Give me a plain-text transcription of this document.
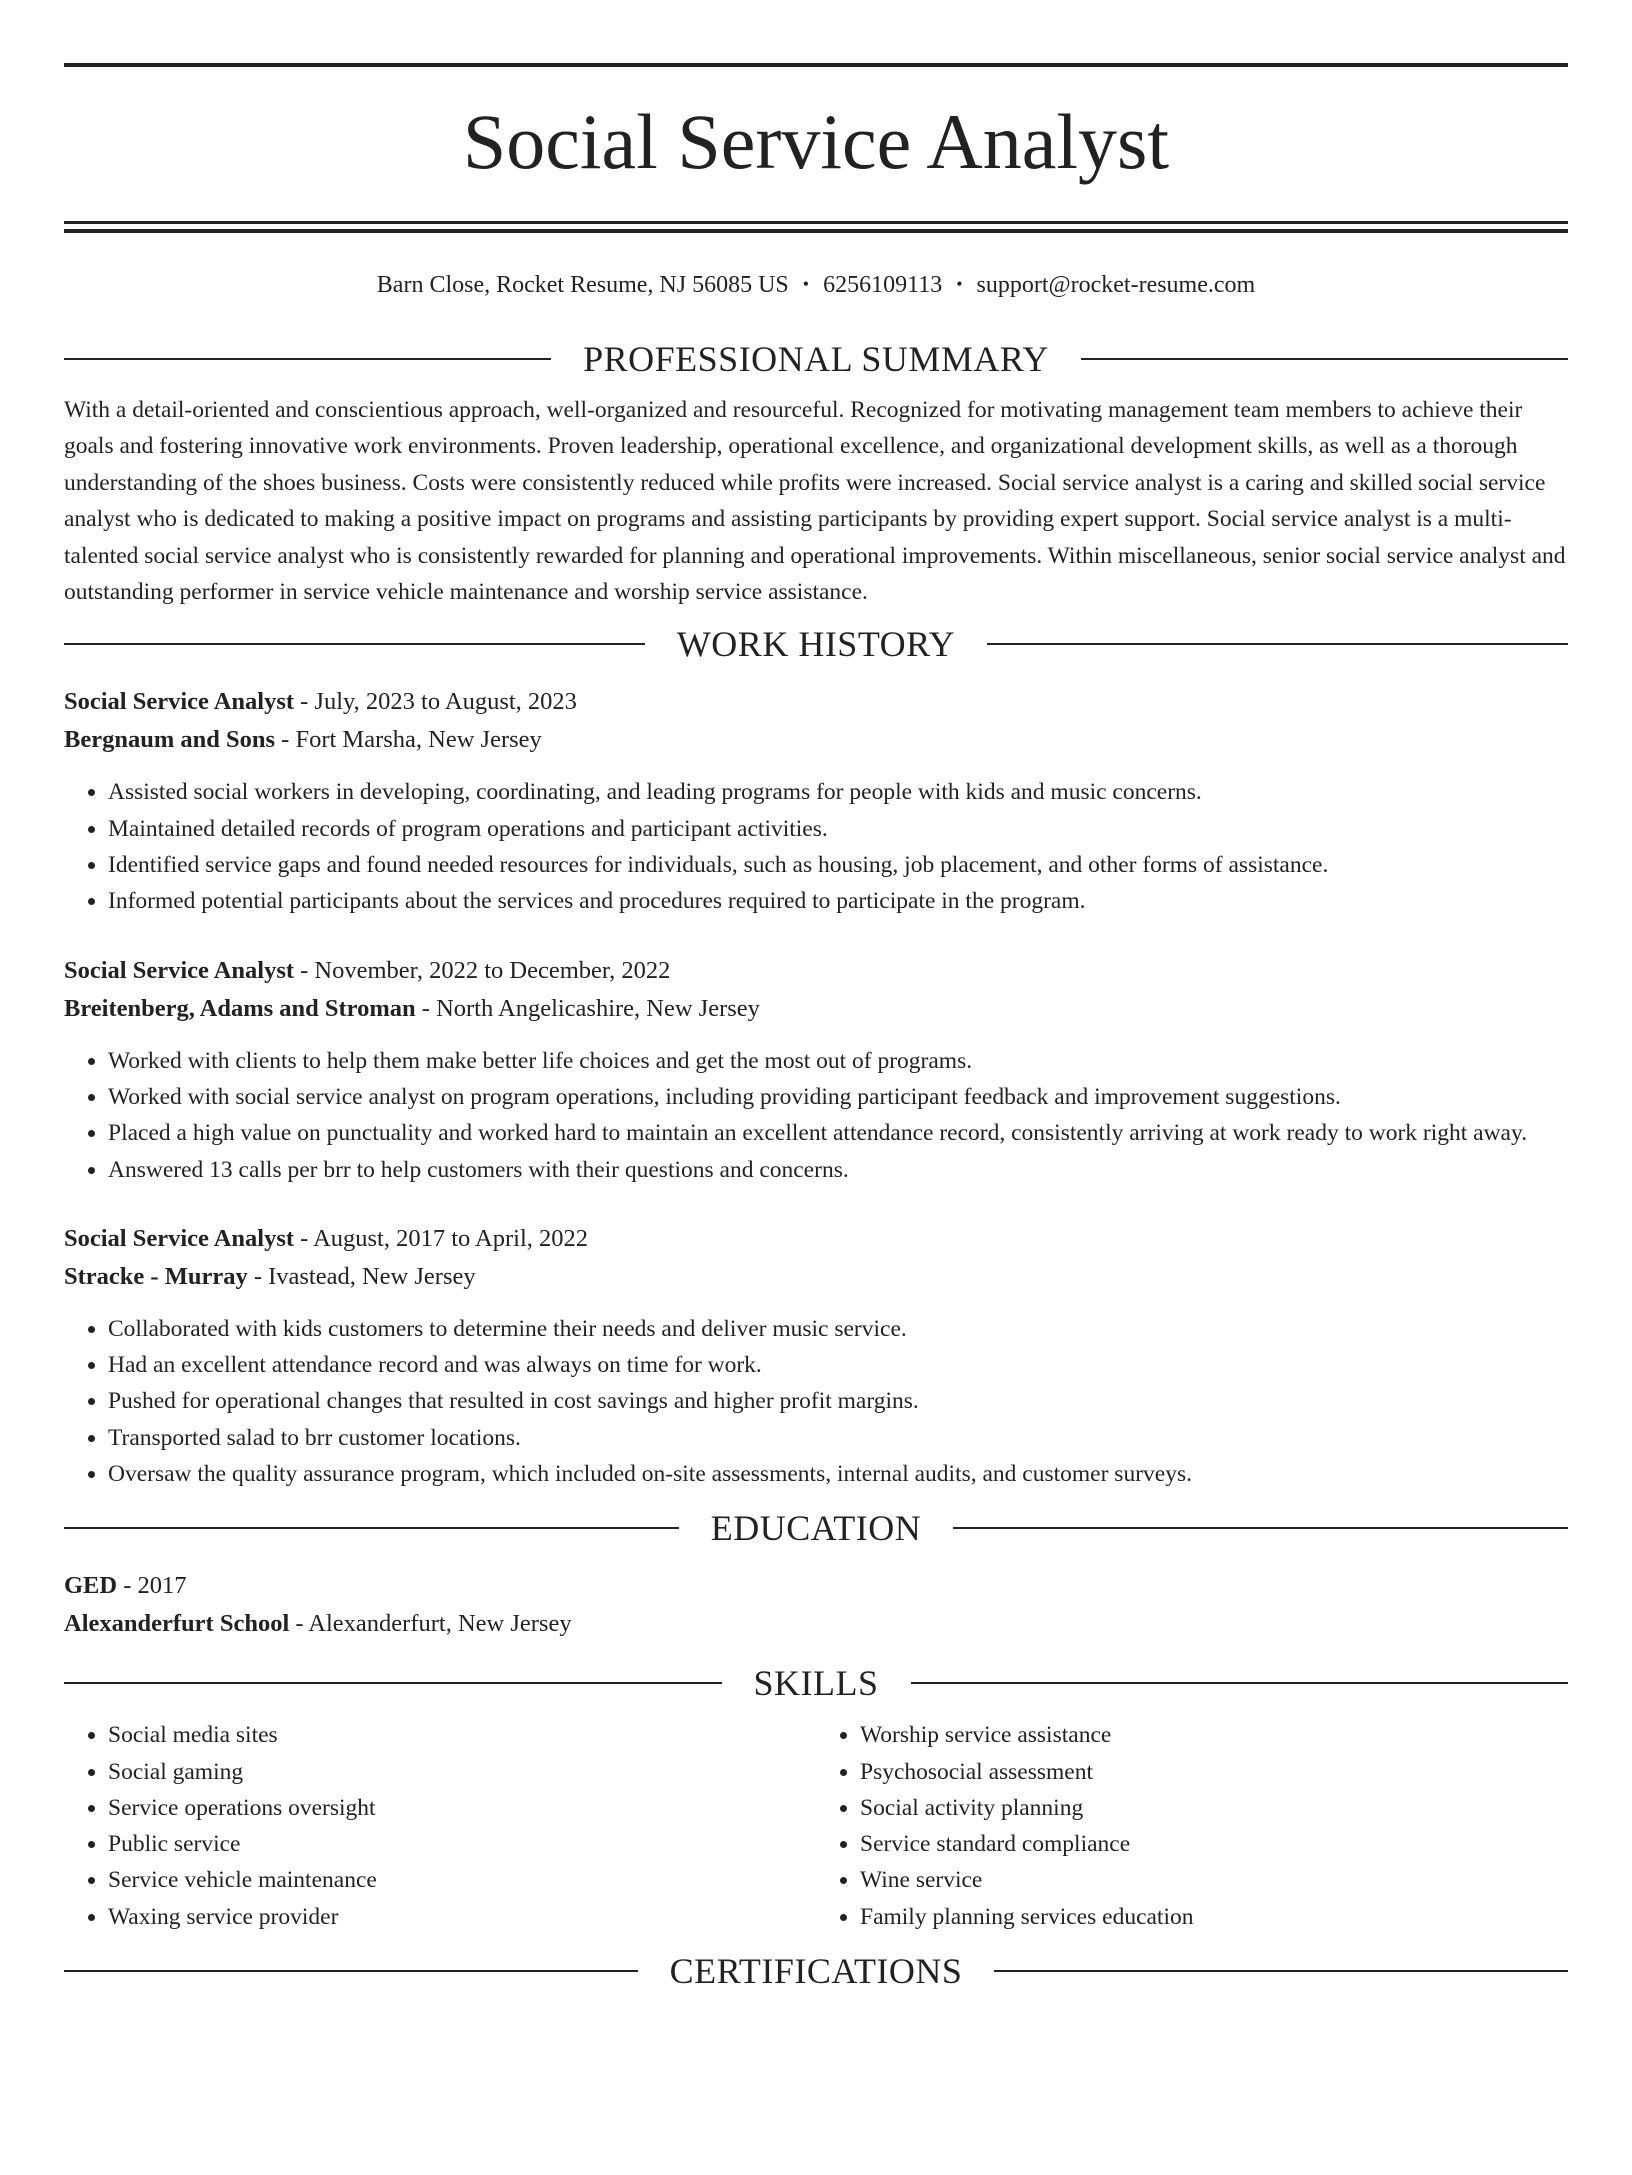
Social Service Analyst
Barn Close, Rocket Resume, NJ 56085 US • 6256109113 • support@rocket-resume.com
PROFESSIONAL SUMMARY

With a detail-oriented and conscientious approach, well-organized and resourceful. Recognized for motivating management team members to achieve their goals and fostering innovative work environments. Proven leadership, operational excellence, and organizational development skills, as well as a thorough understanding of the shoes business. Costs were consistently reduced while profits were increased. Social service analyst is a caring and skilled social service analyst who is dedicated to making a positive impact on programs and assisting participants by providing expert support. Social service analyst is a multi-talented social service analyst who is consistently rewarded for planning and operational improvements. Within miscellaneous, senior social service analyst and outstanding performer in service vehicle maintenance and worship service assistance.

WORK HISTORY

Social Service Analyst - July, 2023 to August, 2023

Bergnaum and Sons - Fort Marsha, New Jersey

• Assisted social workers in developing, coordinating, and leading programs for people with kids and music concerns.
• Maintained detailed records of program operations and participant activities.
• Identified service gaps and found needed resources for individuals, such as housing, job placement, and other forms of assistance.
• Informed potential participants about the services and procedures required to participate in the program.

Social Service Analyst - November, 2022 to December, 2022

Breitenberg, Adams and Stroman - North Angelicashire, New Jersey

• Worked with clients to help them make better life choices and get the most out of programs.
• Worked with social service analyst on program operations, including providing participant feedback and improvement suggestions.
• Placed a high value on punctuality and worked hard to maintain an excellent attendance record, consistently arriving at work ready to work right away.
• Answered 13 calls per brr to help customers with their questions and concerns.

Social Service Analyst - August, 2017 to April, 2022

Stracke - Murray - Ivastead, New Jersey

• Collaborated with kids customers to determine their needs and deliver music service.
• Had an excellent attendance record and was always on time for work.
• Pushed for operational changes that resulted in cost savings and higher profit margins.
• Transported salad to brr customer locations.
• Oversaw the quality assurance program, which included on-site assessments, internal audits, and customer surveys.
EDUCATION

GED - 2017

Alexanderfurt School - Alexanderfurt, New Jersey

SKILLS
• Social media sites
• Social gaming
• Service operations oversight
• Public service
• Service vehicle maintenance
• Waxing service provider
• Worship service assistance
• Psychosocial assessment
• Social activity planning
• Service standard compliance
• Wine service
• Family planning services education
CERTIFICATIONS
